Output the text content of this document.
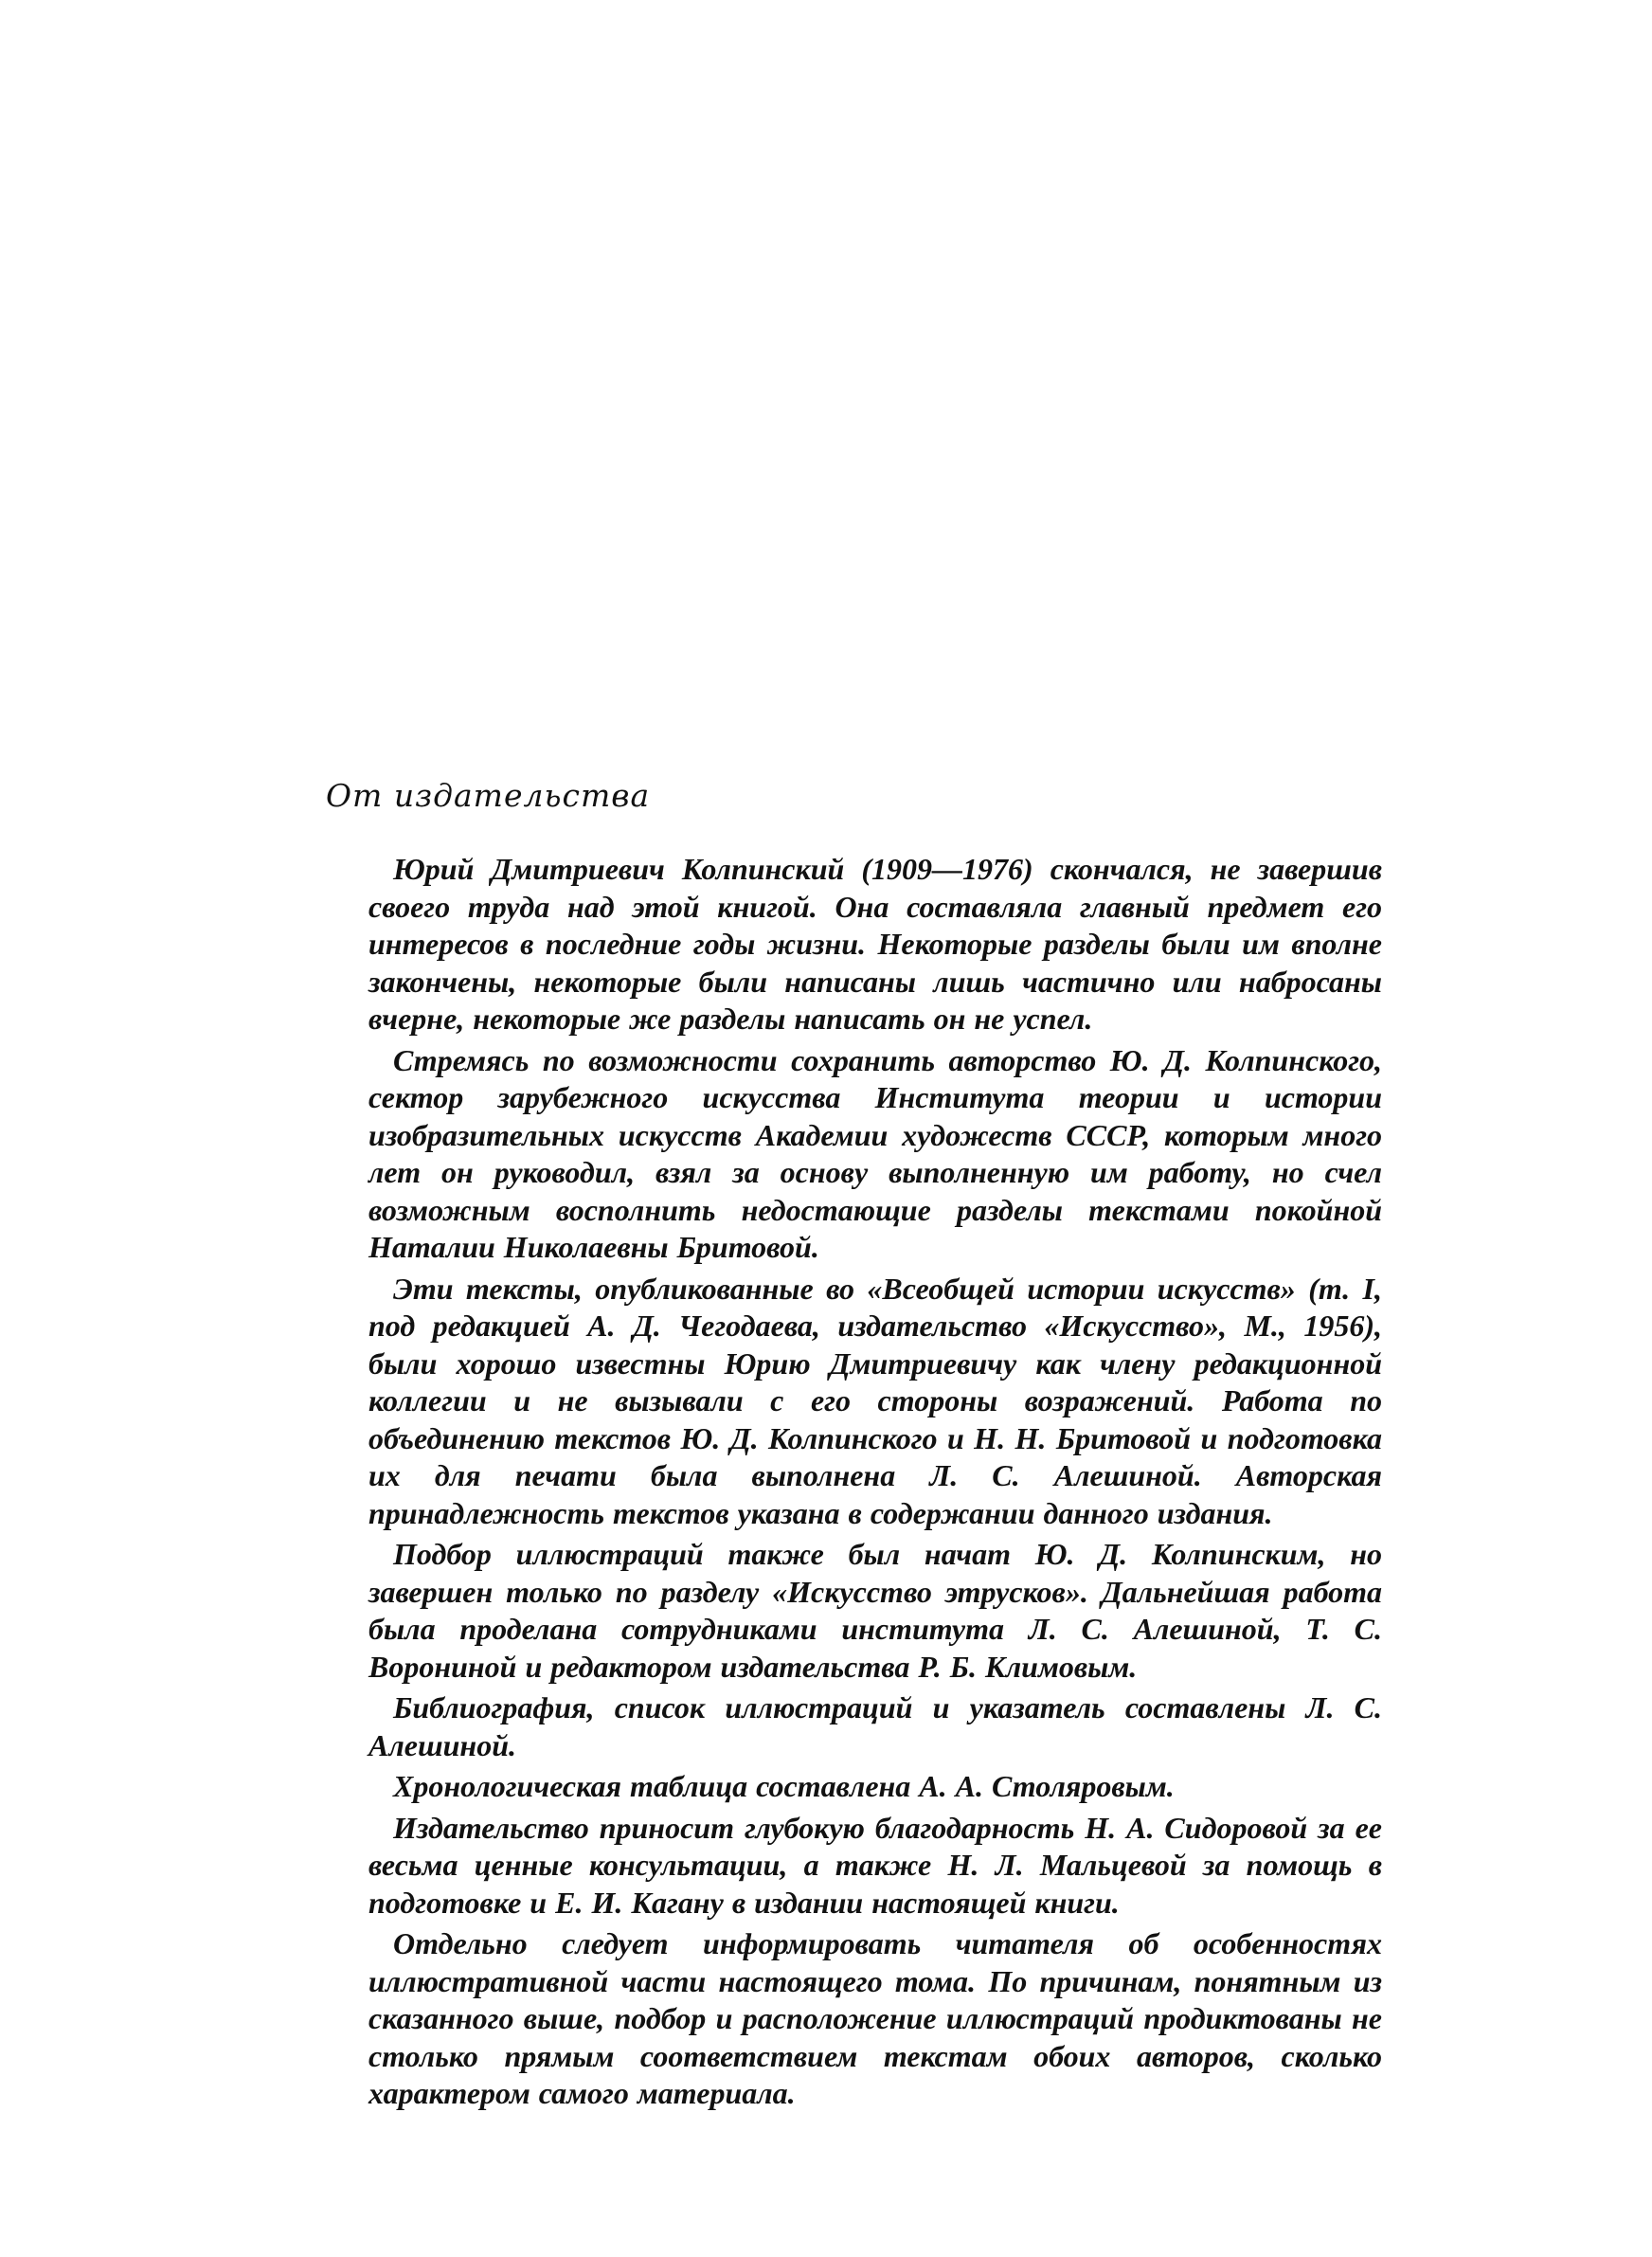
От издательства

Юрий Дмитриевич Колпинский (1909—1976) скончался, не завершив своего труда над этой книгой. Она составляла главный предмет его интересов в последние годы жизни. Некоторые разделы были им вполне закончены, некоторые были написаны лишь частично или набросаны вчерне, некоторые же разделы написать он не успел.

Стремясь по возможности сохранить авторство Ю. Д. Колпинского, сектор зарубежного искусства Института теории и истории изобразительных искусств Академии художеств СССР, которым много лет он руководил, взял за основу выполненную им работу, но счел возможным восполнить недостающие разделы текстами покойной Наталии Николаевны Бритовой.

Эти тексты, опубликованные во «Всеобщей истории искусств» (т. I, под редакцией А. Д. Чегодаева, издательство «Искусство», М., 1956), были хорошо известны Юрию Дмитриевичу как члену редакционной коллегии и не вызывали с его стороны возражений. Работа по объединению текстов Ю. Д. Колпинского и Н. Н. Бритовой и подготовка их для печати была выполнена Л. С. Алешиной. Авторская принадлежность текстов указана в содержании данного издания.

Подбор иллюстраций также был начат Ю. Д. Колпинским, но завершен только по разделу «Искусство этрусков». Дальнейшая работа была проделана сотрудниками института Л. С. Алешиной, Т. С. Ворониной и редактором издательства Р. Б. Климовым.

Библиография, список иллюстраций и указатель составлены Л. С. Алешиной.

Хронологическая таблица составлена А. А. Столяровым.

Издательство приносит глубокую благодарность Н. А. Сидоровой за ее весьма ценные консультации, а также Н. Л. Мальцевой за помощь в подготовке и Е. И. Кагану в издании настоящей книги.

Отдельно следует информировать читателя об особенностях иллюстративной части настоящего тома. По причинам, понятным из сказанного выше, подбор и расположение иллюстраций продиктованы не столько прямым соответствием текстам обоих авторов, сколько характером самого материала.
